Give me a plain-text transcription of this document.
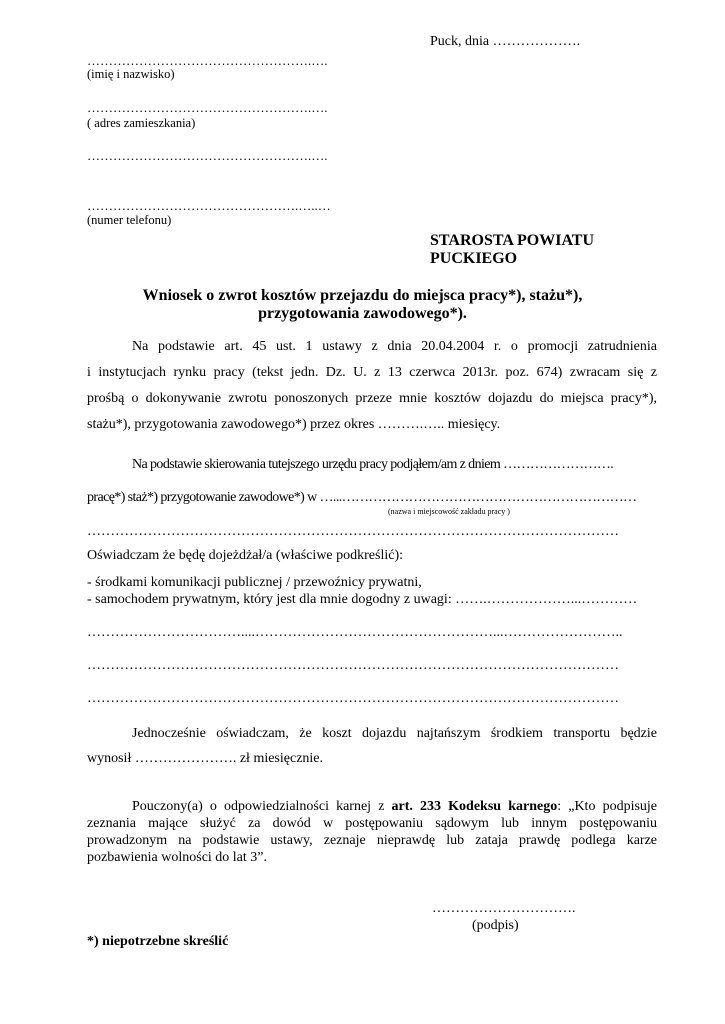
Puck, dnia ……………….
…………………………………………….….
(imię i nazwisko)
…………………………………………….….
( adres zamieszkania)
…………………………………………….….
………………………………………….…..…
(numer telefonu)
STAROSTA POWIATU
PUCKIEGO
Wniosek o zwrot kosztów przejazdu do miejsca pracy*), stażu*),
przygotowania zawodowego*).
Na podstawie art. 45 ust. 1 ustawy z dnia 20.04.2004 r. o promocji zatrudnienia
i instytucjach rynku pracy (tekst jedn. Dz. U. z 13 czerwca 2013r. poz. 674) zwracam się z
prośbą o dokonywanie zwrotu ponoszonych przeze mnie kosztów dojazdu do miejsca pracy*),
stażu*), przygotowania zawodowego*) przez okres ……….….. miesięcy.
Na podstawie skierowania tutejszego urzędu pracy podjąłem/am z dniem …………………….
pracę*) staż*) przygotowanie zawodowe*) w …...…………………………………………………………
(nazwa i miejscowość zakładu pracy )
……………………………………………………………………………………………………
Oświadczam że będę dojeżdżał/a (właściwe podkreślić):
- środkami komunikacji publicznej / przewoźnicy prywatni,
- samochodem prywatnym, który jest dla mnie dogodny z uwagi: …….………………...…………
……………………………....……………………………………………...……………………..
……………………………………………………………………………………………………
……………………………………………………………………………………………………
Jednocześnie oświadczam, że koszt dojazdu najtańszym środkiem transportu będzie
wynosił …………………. zł miesięcznie.
Pouczony(a) o odpowiedzialności karnej z art. 233 Kodeksu karnego: „Kto podpisuje
zeznania mające służyć za dowód w postępowaniu sądowym lub innym postępowaniu
prowadzonym na podstawie ustawy, zeznaje nieprawdę lub zataja prawdę podlega karze
pozbawienia wolności do lat 3”.
………………………….
(podpis)
*) niepotrzebne skreślić
